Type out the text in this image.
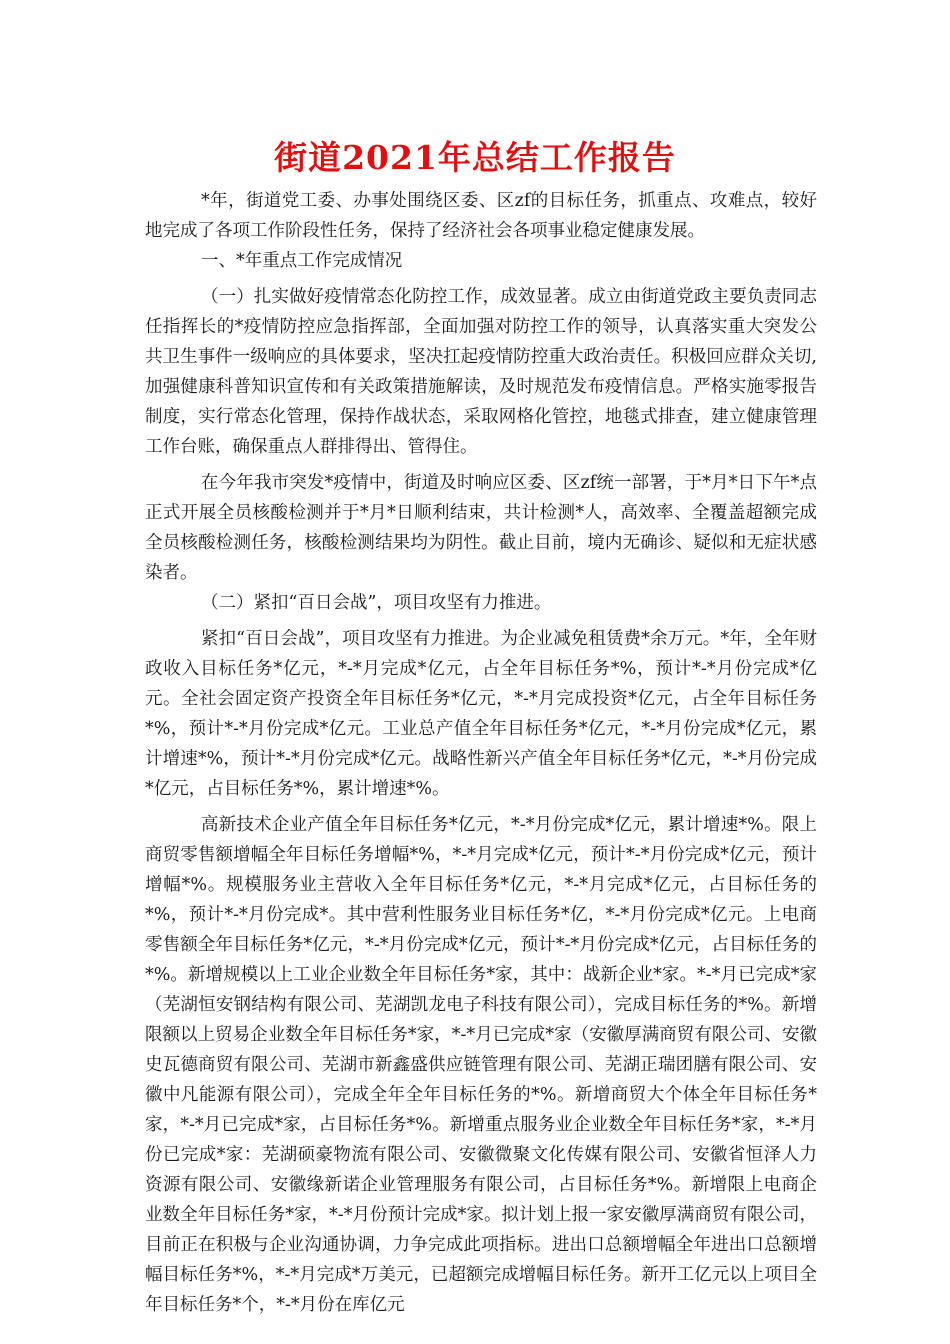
街道2021年总结工作报告

*年，街道党工委、办事处围绕区委、区zf的目标任务，抓重点、攻难点，较好地完成了各项工作阶段性任务，保持了经济社会各项事业稳定健康发展。

一、*年重点工作完成情况

（一）扎实做好疫情常态化防控工作，成效显著。成立由街道党政主要负责同志任指挥长的*疫情防控应急指挥部，全面加强对防控工作的领导，认真落实重大突发公共卫生事件一级响应的具体要求，坚决扛起疫情防控重大政治责任。积极回应群众关切,加强健康科普知识宣传和有关政策措施解读，及时规范发布疫情信息。严格实施零报告制度，实行常态化管理，保持作战状态，采取网格化管控，地毯式排查，建立健康管理工作台账，确保重点人群排得出、管得住。

在今年我市突发*疫情中，街道及时响应区委、区zf统一部署，于*月*日下午*点正式开展全员核酸检测并于*月*日顺利结束，共计检测*人，高效率、全覆盖超额完成全员核酸检测任务，核酸检测结果均为阴性。截止目前，境内无确诊、疑似和无症状感染者。

（二）紧扣“百日会战”，项目攻坚有力推进。

紧扣“百日会战”，项目攻坚有力推进。为企业减免租赁费*余万元。*年，全年财政收入目标任务*亿元，*-*月完成*亿元，占全年目标任务*%，预计*-*月份完成*亿元。全社会固定资产投资全年目标任务*亿元，*-*月完成投资*亿元，占全年目标任务*%，预计*-*月份完成*亿元。工业总产值全年目标任务*亿元，*-*月份完成*亿元，累计增速*%，预计*-*月份完成*亿元。战略性新兴产值全年目标任务*亿元，*-*月份完成*亿元，占目标任务*%，累计增速*%。

高新技术企业产值全年目标任务*亿元，*-*月份完成*亿元，累计增速*%。限上商贸零售额增幅全年目标任务增幅*%，*-*月完成*亿元，预计*-*月份完成*亿元，预计增幅*%。规模服务业主营收入全年目标任务*亿元，*-*月完成*亿元，占目标任务的*%，预计*-*月份完成*。其中营利性服务业目标任务*亿，*-*月份完成*亿元。上电商零售额全年目标任务*亿元，*-*月份完成*亿元，预计*-*月份完成*亿元，占目标任务的*%。新增规模以上工业企业数全年目标任务*家，其中：战新企业*家。*-*月已完成*家（芜湖恒安钢结构有限公司、芜湖凯龙电子科技有限公司），完成目标任务的*%。新增限额以上贸易企业数全年目标任务*家，*-*月已完成*家（安徽厚满商贸有限公司、安徽史瓦德商贸有限公司、芜湖市新鑫盛供应链管理有限公司、芜湖正瑞团膳有限公司、安徽中凡能源有限公司），完成全年全年目标任务的*%。新增商贸大个体全年目标任务*家，*-*月已完成*家，占目标任务*%。新增重点服务业企业数全年目标任务*家，*-*月份已完成*家：芜湖硕豪物流有限公司、安徽微聚文化传媒有限公司、安徽省恒泽人力资源有限公司、安徽缘新诺企业管理服务有限公司，占目标任务*%。新增限上电商企业数全年目标任务*家，*-*月份预计完成*家。拟计划上报一家安徽厚满商贸有限公司，目前正在积极与企业沟通协调，力争完成此项指标。进出口总额增幅全年进出口总额增幅目标任务*%，*-*月完成*万美元，已超额完成增幅目标任务。新开工亿元以上项目全年目标任务*个，*-*月份在库亿元
